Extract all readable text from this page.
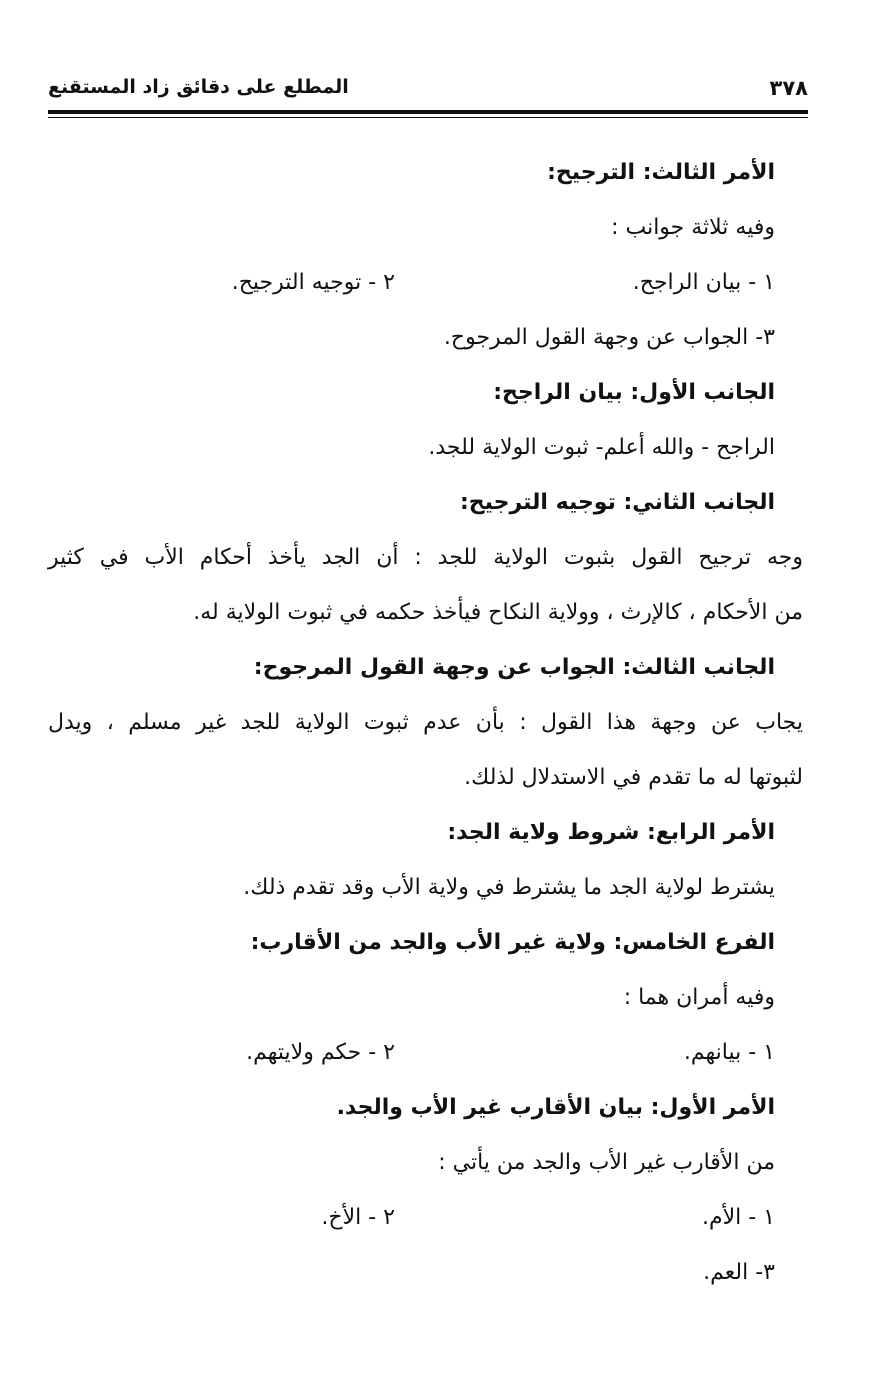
٣٧٨
المطلع على دقائق زاد المستقنع
الأمر الثالث: الترجيح:
وفيه ثلاثة جوانب :
١ - بيان الراجح.٢ - توجيه الترجيح.
٣- الجواب عن وجهة القول المرجوح.
الجانب الأول: بيان الراجح:
الراجح - والله أعلم- ثبوت الولاية للجد.
الجانب الثاني: توجيه الترجيح:
وجه ترجيح القول بثبوت الولاية للجد : أن الجد يأخذ أحكام الأب في كثير
من الأحكام ، كالإرث ، وولاية النكاح فيأخذ حكمه في ثبوت الولاية له.
الجانب الثالث: الجواب عن وجهة القول المرجوح:
يجاب عن وجهة هذا القول : بأن عدم ثبوت الولاية للجد غير مسلم ، ويدل
لثبوتها له ما تقدم في الاستدلال لذلك.
الأمر الرابع: شروط ولاية الجد:
يشترط لولاية الجد ما يشترط في ولاية الأب وقد تقدم ذلك.
الفرع الخامس: ولاية غير الأب والجد من الأقارب:
وفيه أمران هما :
١ - بيانهم.٢ - حكم ولايتهم.
الأمر الأول: بيان الأقارب غير الأب والجد.
من الأقارب غير الأب والجد من يأتي :
١ - الأم.٢ - الأخ.
٣- العم.
